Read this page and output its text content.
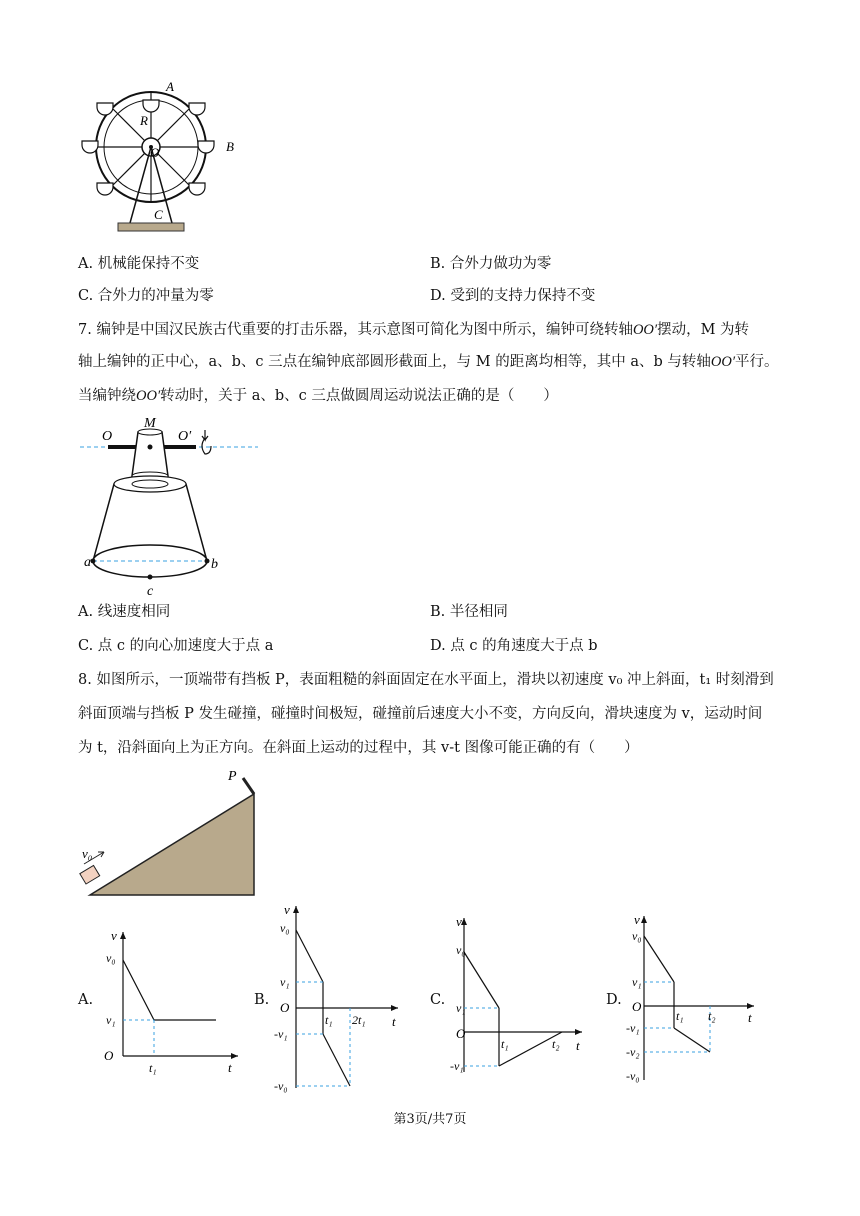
A
B
C
R
O
A. 机械能保持不变	B. 合外力做功为零
C. 合外力的冲量为零	D. 受到的支持力保持不变
7. 编钟是中国汉民族古代重要的打击乐器，其示意图可简化为图中所示，编钟可绕转轴OO′摆动，M 为转
轴上编钟的正中心，a、b、c 三点在编钟底部圆形截面上，与 M 的距离均相等，其中 a、b 与转轴OO′平行。
当编钟绕OO′转动时，关于 a、b、c 三点做圆周运动说法正确的是（　　）
O
M
O′
a	b
c
A. 线速度相同	B. 半径相同
C. 点 c 的向心加速度大于点 a	D. 点 c 的角速度大于点 b
8. 如图所示，一顶端带有挡板 P，表面粗糙的斜面固定在水平面上，滑块以初速度 v₀ 冲上斜面，t₁ 时刻滑到
斜面顶端与挡板 P 发生碰撞，碰撞时间极短，碰撞前后速度大小不变，方向反向，滑块速度为 v，运动时间
为 t，沿斜面向上为正方向。在斜面上运动的过程中，其 v-t 图像可能正确的有（　　）
P
v₀
A.	B.	C.	D.
v
v₀
v₁
O
t₁	t
v
v₀
v₁
O
-v₁
-v₀
t₁ 2t₁ t
v
v₀
v₁
O
-v₁
t₁	t₂ t
v
v₀
v₁
O
-v₁
-v₂
-v₀
t₁ t₂ t
第3页/共7页
